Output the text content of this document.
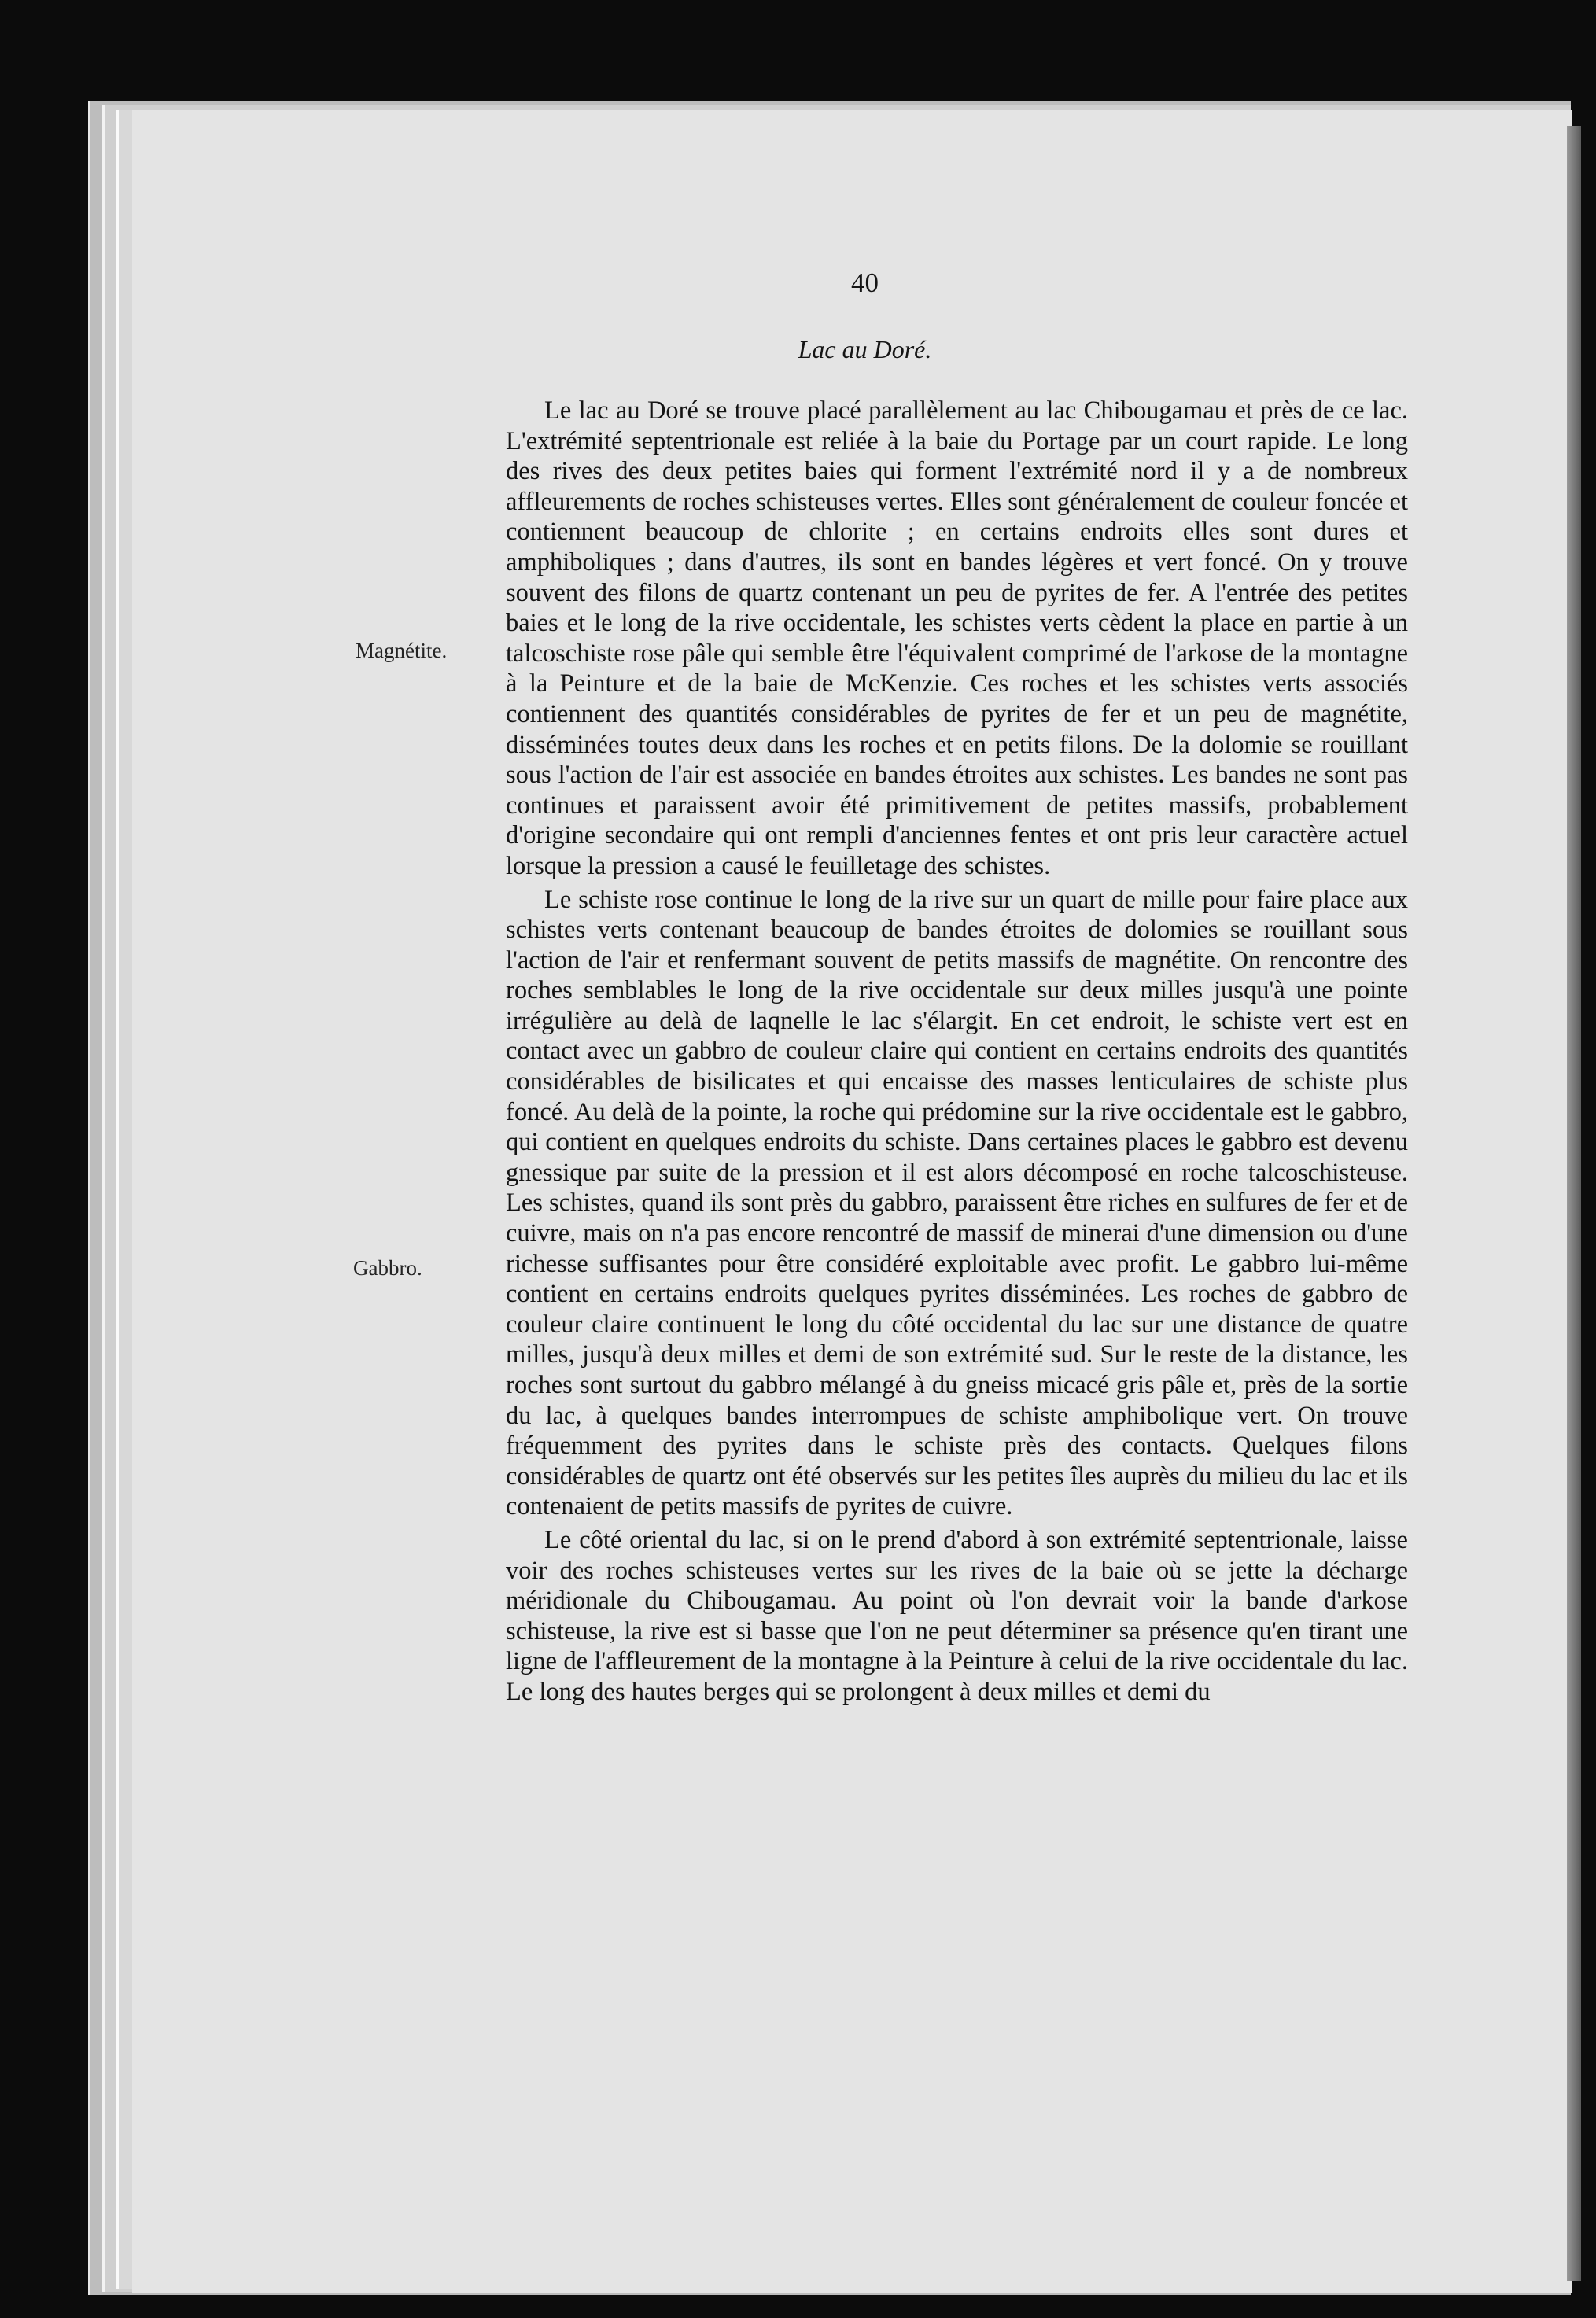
40
Lac au Doré.
Magnétite.
Gabbro.

Le lac au Doré se trouve placé parallèlement au lac Chibougamau et près de ce lac. L'extrémité septentrionale est reliée à la baie du Portage par un court rapide. Le long des rives des deux petites baies qui forment l'extrémité nord il y a de nombreux affleurements de roches schisteuses vertes. Elles sont généralement de couleur foncée et contiennent beaucoup de chlorite ; en certains endroits elles sont dures et amphiboliques ; dans d'autres, ils sont en bandes légères et vert foncé. On y trouve souvent des filons de quartz contenant un peu de pyrites de fer. A l'entrée des petites baies et le long de la rive occidentale, les schistes verts cèdent la place en partie à un talcoschiste rose pâle qui semble être l'équivalent comprimé de l'arkose de la montagne à la Peinture et de la baie de McKenzie. Ces roches et les schistes verts associés contiennent des quantités considérables de pyrites de fer et un peu de magnétite, disséminées toutes deux dans les roches et en petits filons. De la dolomie se rouillant sous l'action de l'air est associée en bandes étroites aux schistes. Les bandes ne sont pas continues et paraissent avoir été primitivement de petites massifs, probablement d'origine secondaire qui ont rempli d'anciennes fentes et ont pris leur caractère actuel lorsque la pression a causé le feuilletage des schistes.

Le schiste rose continue le long de la rive sur un quart de mille pour faire place aux schistes verts contenant beaucoup de bandes étroites de dolomies se rouillant sous l'action de l'air et renfermant souvent de petits massifs de magnétite. On rencontre des roches semblables le long de la rive occidentale sur deux milles jusqu'à une pointe irrégulière au delà de laqnelle le lac s'élargit. En cet endroit, le schiste vert est en contact avec un gabbro de couleur claire qui contient en certains endroits des quantités considérables de bisilicates et qui encaisse des masses lenticulaires de schiste plus foncé. Au delà de la pointe, la roche qui prédomine sur la rive occidentale est le gabbro, qui contient en quelques endroits du schiste. Dans certaines places le gabbro est devenu gnessique par suite de la pression et il est alors décomposé en roche talcoschisteuse. Les schistes, quand ils sont près du gabbro, paraissent être riches en sulfures de fer et de cuivre, mais on n'a pas encore rencontré de massif de minerai d'une dimension ou d'une richesse suffisantes pour être considéré exploitable avec profit. Le gabbro lui-même contient en certains endroits quelques pyrites disséminées. Les roches de gabbro de couleur claire continuent le long du côté occidental du lac sur une distance de quatre milles, jusqu'à deux milles et demi de son extrémité sud. Sur le reste de la distance, les roches sont surtout du gabbro mélangé à du gneiss micacé gris pâle et, près de la sortie du lac, à quelques bandes interrompues de schiste amphibolique vert. On trouve fréquemment des pyrites dans le schiste près des contacts. Quelques filons considérables de quartz ont été observés sur les petites îles auprès du milieu du lac et ils contenaient de petits massifs de pyrites de cuivre.

Le côté oriental du lac, si on le prend d'abord à son extrémité septentrionale, laisse voir des roches schisteuses vertes sur les rives de la baie où se jette la décharge méridionale du Chibougamau. Au point où l'on devrait voir la bande d'arkose schisteuse, la rive est si basse que l'on ne peut déterminer sa présence qu'en tirant une ligne de l'affleurement de la montagne à la Peinture à celui de la rive occidentale du lac. Le long des hautes berges qui se prolongent à deux milles et demi du
